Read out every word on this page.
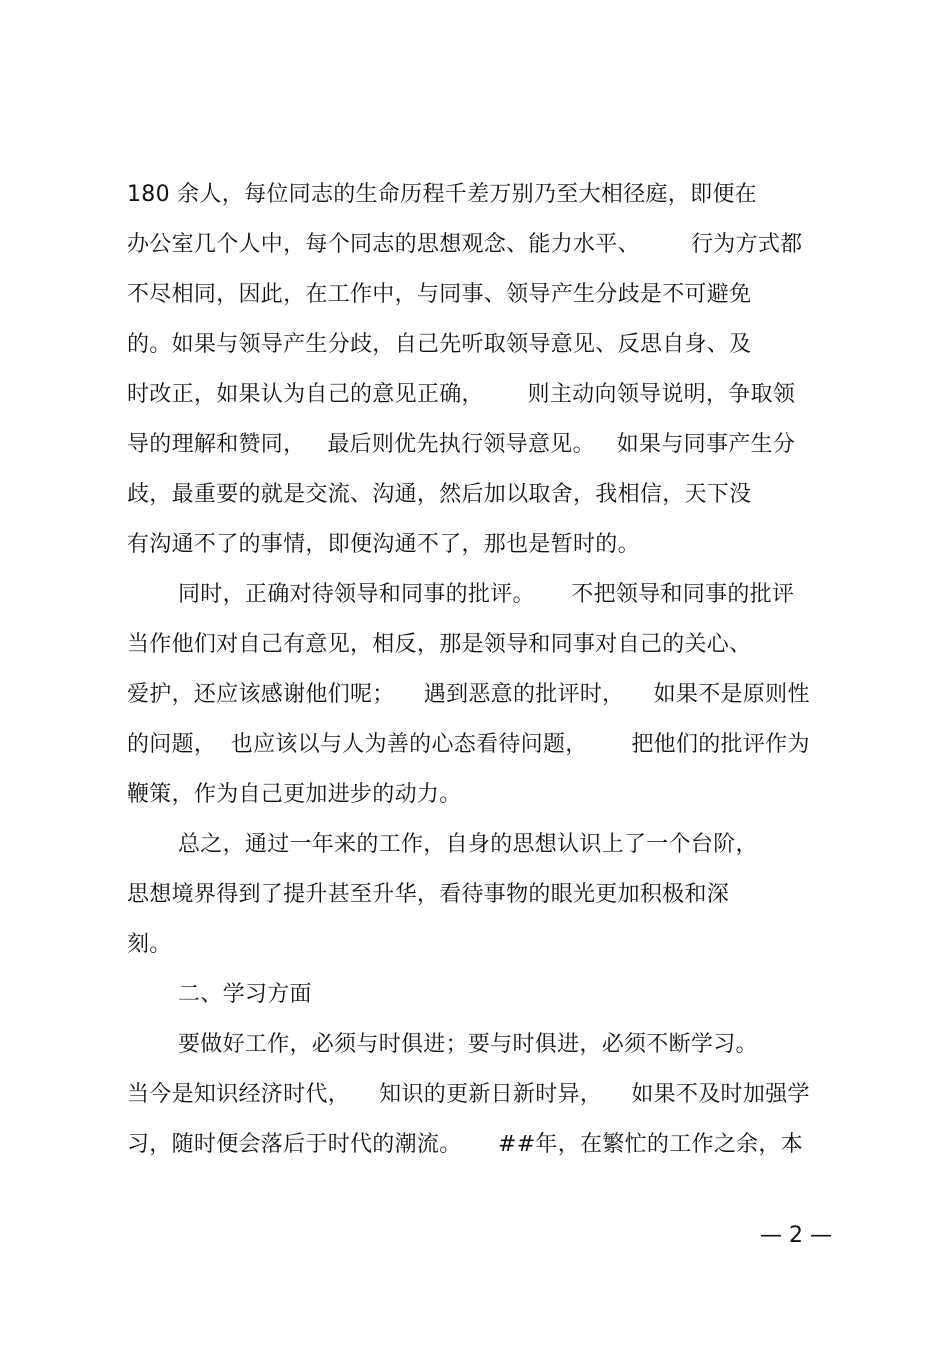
180 余人，每位同志的生命历程千差万别乃至大相径庭，即便在
办公室几个人中，每个同志的思想观念、能力水平、       行为方式都
不尽相同，因此，在工作中，与同事、领导产生分歧是不可避免
的。如果与领导产生分歧，自己先听取领导意见、反思自身、及
时改正，如果认为自己的意见正确，      则主动向领导说明，争取领
导的理解和赞同，   最后则优先执行领导意见。   如果与同事产生分
歧，最重要的就是交流、沟通，然后加以取舍，我相信，天下没
有沟通不了的事情，即便沟通不了，那也是暂时的。
同时，正确对待领导和同事的批评。     不把领导和同事的批评
当作他们对自己有意见，相反，那是领导和同事对自己的关心、
爱护，还应该感谢他们呢；    遇到恶意的批评时，    如果不是原则性
的问题，  也应该以与人为善的心态看待问题，      把他们的批评作为
鞭策，作为自己更加进步的动力。
总之，通过一年来的工作，自身的思想认识上了一个台阶，
思想境界得到了提升甚至升华，看待事物的眼光更加积极和深
刻。
二、学习方面
要做好工作，必须与时俱进；要与时俱进，必须不断学习。
当今是知识经济时代，    知识的更新日新时异，    如果不及时加强学
习，随时便会落后于时代的潮流。     ##年，在繁忙的工作之余，本
— 2 —
